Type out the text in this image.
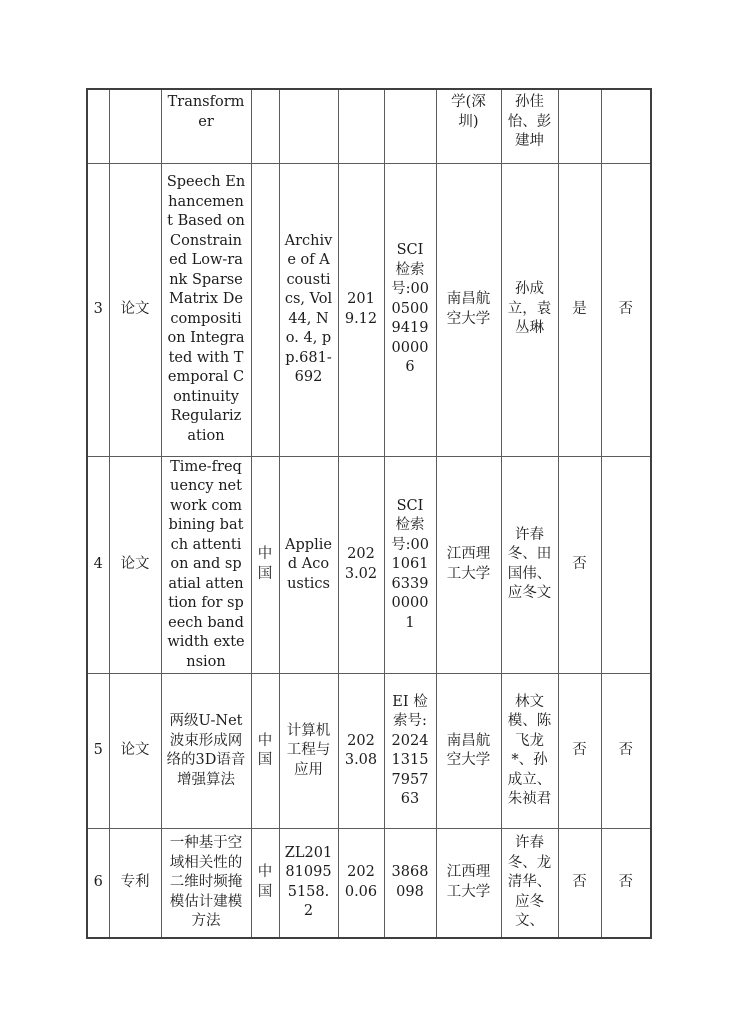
		Transformer					学(深圳)	孙佳怡、彭建坤		
3	论文	Speech Enhancement Based on Constrained Low-rank Sparse Matrix Decomposition Integrated with Temporal Continuity Regularization		Archive of Acoustics, Vol 44, No. 4, pp.681-692	2019.12	SCI 检索号:000500941900006	南昌航空大学	孙成立，袁丛琳	是	否
4	论文	Time-frequency network combining batch attention and spatial attention for speech bandwidth extension	中国	Applied Acoustics	2023.02	SCI 检索号:001061633900001	江西理工大学	许春冬、田国伟、应冬文	否	
5	论文	两级U-Net波束形成网络的3D语音增强算法	中国	计算机工程与应用	2023.08	EI 检索号:20241315795763	南昌航空大学	林文模、陈飞龙*、孙成立、朱祯君	否	否
6	专利	一种基于空域相关性的二维时频掩模估计建模方法	中国	ZL201810955158.2	2020.06	3868098	江西理工大学	许春冬、龙清华、应冬文、	否	否
